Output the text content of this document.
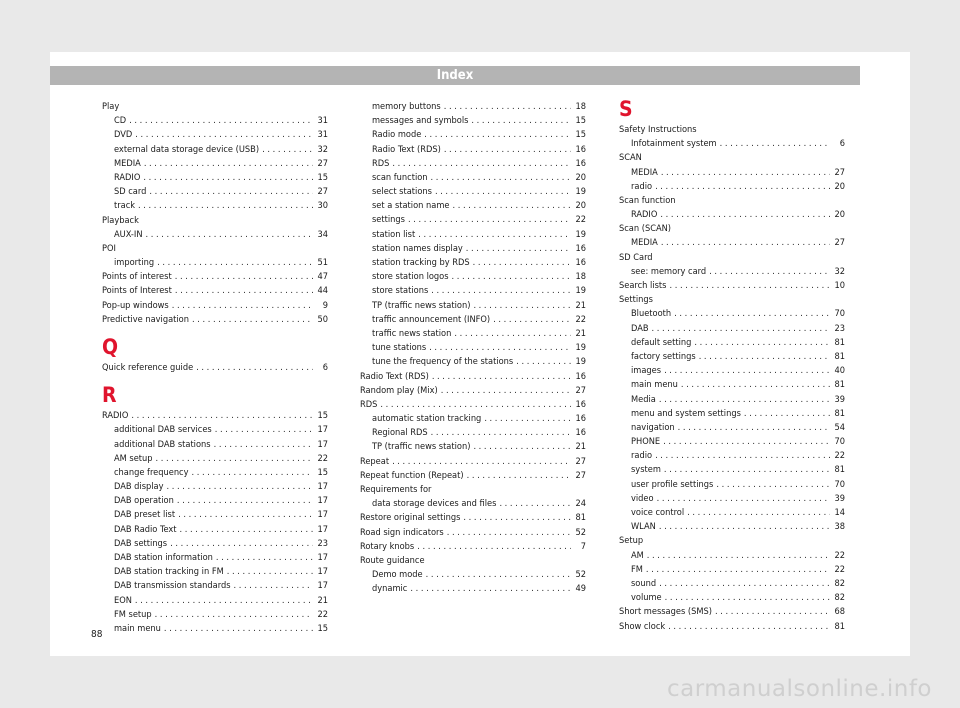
Index
Play
CD . . .	31
DVD . . .	31
external data storage device (USB) . . .	32
MEDIA . . .	27
RADIO . . .	15
SD card . . .	27
track . . .	30
Playback
AUX-IN . . .	34
POI
importing . . .	51
Points of interest . . .	47
Points of Interest . . .	44
Pop-up windows . . .	9
Predictive navigation . . .	50
Q
Quick reference guide . . .	6
R
RADIO . . .	15
additional DAB services . . .	17
additional DAB stations . . .	17
AM setup . . .	22
change frequency . . .	15
DAB display . . .	17
DAB operation . . .	17
DAB preset list . . .	17
DAB Radio Text . . .	17
DAB settings . . .	23
DAB station information . . .	17
DAB station tracking in FM . . .	17
DAB transmission standards . . .	17
EON . . .	21
FM setup . . .	22
main menu . . .	15
memory buttons . . .	18
messages and symbols . . .	15
Radio mode . . .	15
Radio Text (RDS) . . .	16
RDS . . .	16
scan function . . .	20
select stations . . .	19
set a station name . . .	20
settings . . .	22
station list . . .	19
station names display . . .	16
station tracking by RDS . . .	16
store station logos . . .	18
store stations . . .	19
TP (traffic news station) . . .	21
traffic announcement (INFO) . . .	22
traffic news station . . .	21
tune stations . . .	19
tune the frequency of the stations . . .	19
Radio Text (RDS) . . .	16
Random play (Mix) . . .	27
RDS . . .	16
automatic station tracking . . .	16
Regional RDS . . .	16
TP (traffic news station) . . .	21
Repeat . . .	27
Repeat function (Repeat) . . .	27
Requirements for
data storage devices and files . . .	24
Restore original settings . . .	81
Road sign indicators . . .	52
Rotary knobs . . .	7
Route guidance
Demo mode . . .	52
dynamic . . .	49
S
Safety Instructions
Infotainment system . . .	6
SCAN
MEDIA . . .	27
radio . . .	20
Scan function
RADIO . . .	20
Scan (SCAN)
MEDIA . . .	27
SD Card
see: memory card . . .	32
Search lists . . .	10
Settings
Bluetooth . . .	70
DAB . . .	23
default setting . . .	81
factory settings . . .	81
images . . .	40
main menu . . .	81
Media . . .	39
menu and system settings . . .	81
navigation . . .	54
PHONE . . .	70
radio . . .	22
system . . .	81
user profile settings . . .	70
video . . .	39
voice control . . .	14
WLAN . . .	38
Setup
AM . . .	22
FM . . .	22
sound . . .	82
volume . . .	82
Short messages (SMS) . . .	68
Show clock . . .	81
88
carmanualsonline.info
